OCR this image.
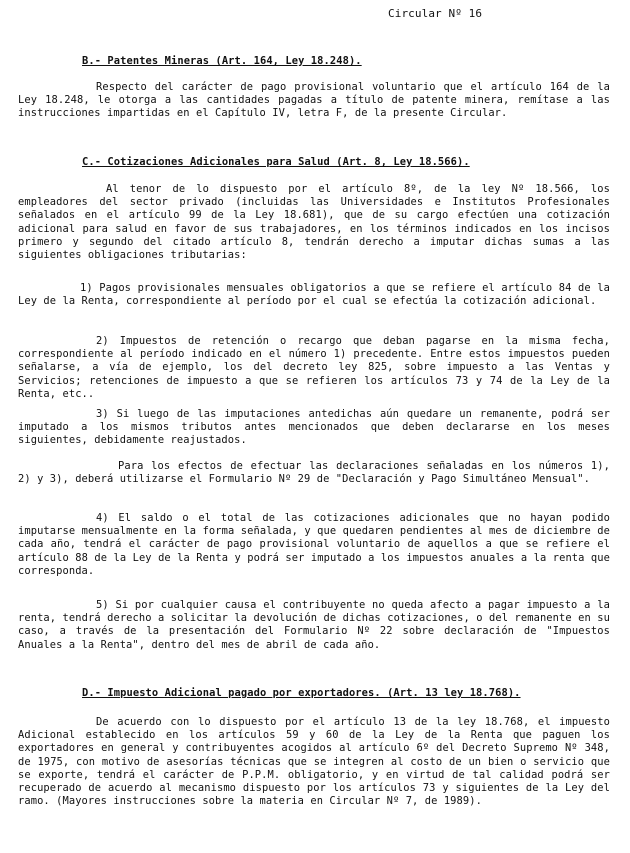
Circular Nº 16
B.- Patentes Mineras (Art. 164, Ley 18.248).
Respecto del carácter de pago provisional voluntario que el artículo 164 de la Ley 18.248, le otorga a las cantidades pagadas a título de patente minera, remítase a las instrucciones impartidas en el Capítulo IV, letra F, de la presente Circular.
C.- Cotizaciones Adicionales para Salud (Art. 8, Ley 18.566).
Al tenor de lo dispuesto por el artículo 8º, de la ley Nº 18.566, los empleadores del sector privado (incluidas las Universidades e Institutos Profesionales señalados en el artículo 99 de la Ley 18.681), que de su cargo efectúen una cotización adicional para salud en favor de sus trabajadores, en los términos indicados en los incisos primero y segundo del citado artículo 8, tendrán derecho a imputar dichas sumas a las siguientes obligaciones tributarias:
1) Pagos provisionales mensuales obligatorios a que se refiere el artículo 84 de la Ley de la Renta, correspondiente al período por el cual se efectúa la cotización adicional.
2) Impuestos de retención o recargo que deban pagarse en la misma fecha, correspondiente al período indicado en el número 1) precedente. Entre estos impuestos pueden señalarse, a vía de ejemplo, los del decreto ley 825, sobre impuesto a las Ventas y Servicios; retenciones de impuesto a que se refieren los artículos 73 y 74 de la Ley de la Renta, etc..
3) Si luego de las imputaciones antedichas aún quedare un remanente, podrá ser imputado a los mismos tributos antes mencionados que deben declararse en los meses siguientes, debidamente reajustados.
Para los efectos de efectuar las declaraciones señaladas en los números 1), 2) y 3), deberá utilizarse el Formulario Nº 29 de "Declaración y Pago Simultáneo Mensual".
4) El saldo o el total de las cotizaciones adicionales que no hayan podido imputarse mensualmente en la forma señalada, y que quedaren pendientes al mes de diciembre de cada año, tendrá el carácter de pago provisional voluntario de aquellos a que se refiere el artículo 88 de la Ley de la Renta y podrá ser imputado a los impuestos anuales a la renta que corresponda.
5) Si por cualquier causa el contribuyente no queda afecto a pagar impuesto a la renta, tendrá derecho a solicitar la devolución de dichas cotizaciones, o del remanente en su caso, a través de la presentación del Formulario Nº 22 sobre declaración de "Impuestos Anuales a la Renta", dentro del mes de abril de cada año.
D.- Impuesto Adicional pagado por exportadores. (Art. 13 ley 18.768).
De acuerdo con lo dispuesto por el artículo 13 de la ley 18.768, el impuesto Adicional establecido en los artículos 59 y 60 de la Ley de la Renta que paguen los exportadores en general y contribuyentes acogidos al artículo 6º del Decreto Supremo Nº 348, de 1975, con motivo de asesorías técnicas que se integren al costo de un bien o servicio que se exporte, tendrá el carácter de P.P.M. obligatorio, y en virtud de tal calidad podrá ser recuperado de acuerdo al mecanismo dispuesto por los artículos 73 y siguientes de la Ley del ramo. (Mayores instrucciones sobre la materia en Circular Nº 7, de 1989).
